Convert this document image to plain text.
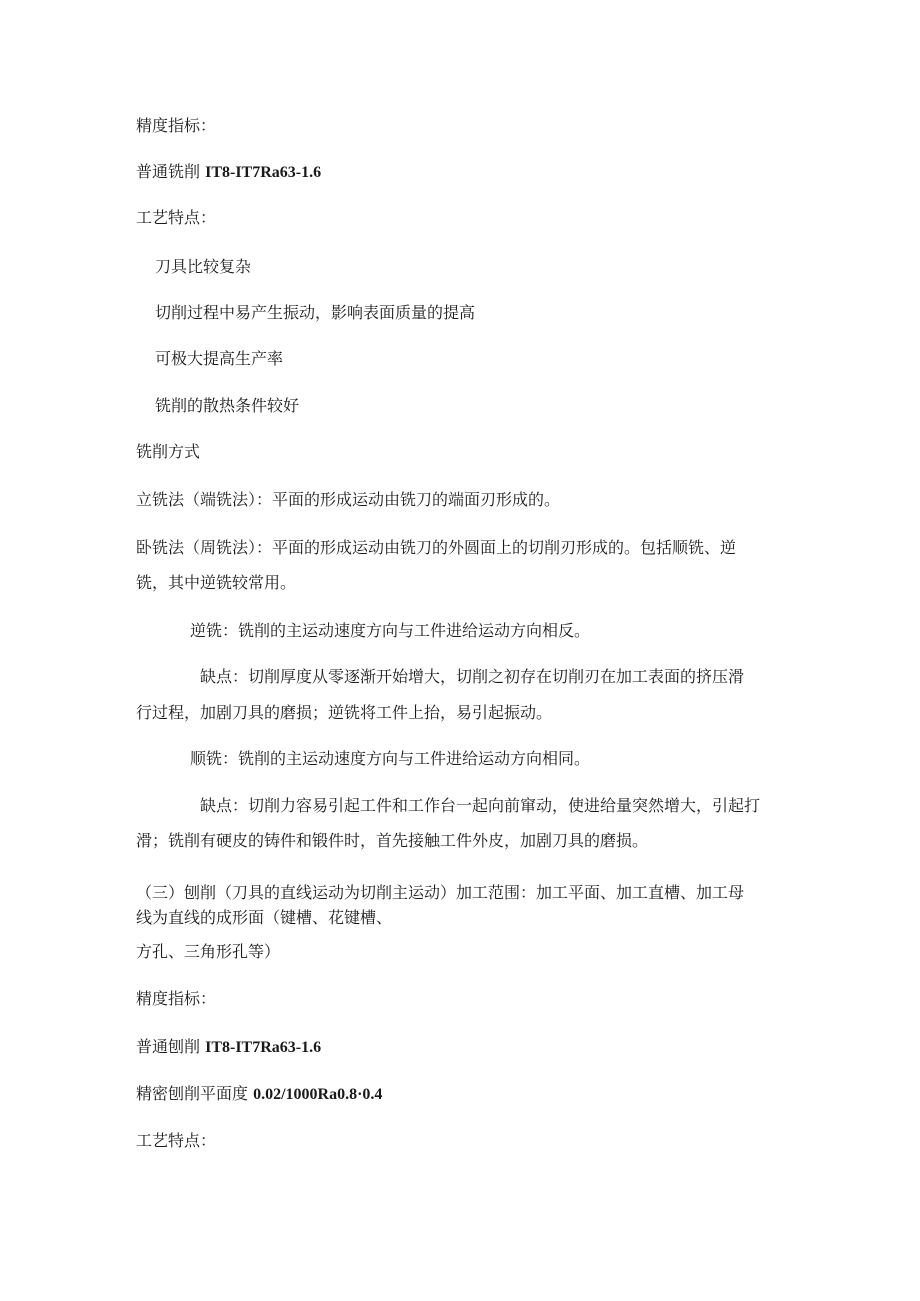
精度指标：
普通铣削 IT8-IT7Ra63-1.6
工艺特点：
刀具比较复杂
切削过程中易产生振动，影响表面质量的提高
可极大提高生产率
铣削的散热条件较好
铣削方式
立铣法（端铣法）：平面的形成运动由铣刀的端面刃形成的。
卧铣法（周铣法）：平面的形成运动由铣刀的外圆面上的切削刃形成的。包括顺铣、逆
铣，其中逆铣较常用。
逆铣：铣削的主运动速度方向与工件进给运动方向相反。
缺点：切削厚度从零逐渐开始增大，切削之初存在切削刃在加工表面的挤压滑
行过程，加剧刀具的磨损；逆铣将工件上抬，易引起振动。
顺铣：铣削的主运动速度方向与工件进给运动方向相同。
缺点：切削力容易引起工件和工作台一起向前窜动，使进给量突然增大，引起打
滑；铣削有硬皮的铸件和锻件时，首先接触工件外皮，加剧刀具的磨损。
（三）刨削（刀具的直线运动为切削主运动）加工范围：加工平面、加工直槽、加工母
线为直线的成形面（键槽、花键槽、
方孔、三角形孔等）
精度指标：
普通刨削 IT8-IT7Ra63-1.6
精密刨削平面度 0.02/1000Ra0.8·0.4
工艺特点：
